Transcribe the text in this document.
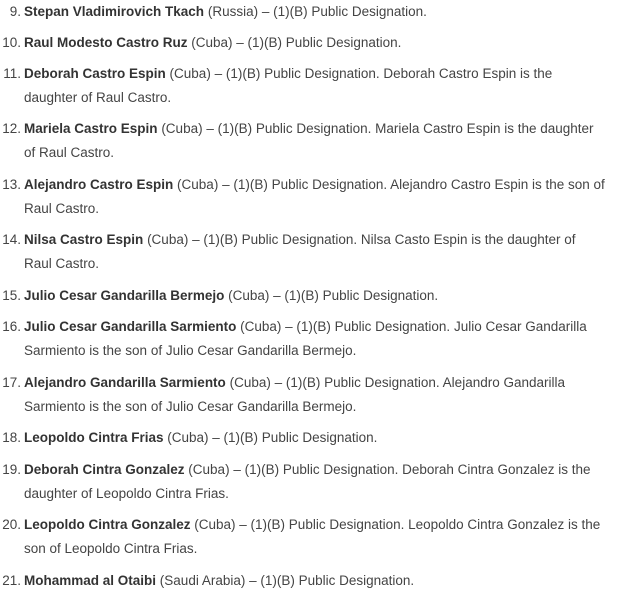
9. Stepan Vladimirovich Tkach (Russia) – (1)(B) Public Designation.
10. Raul Modesto Castro Ruz (Cuba) – (1)(B) Public Designation.
11. Deborah Castro Espin (Cuba) – (1)(B) Public Designation. Deborah Castro Espin is the daughter of Raul Castro.
12. Mariela Castro Espin (Cuba) – (1)(B) Public Designation. Mariela Castro Espin is the daughter of Raul Castro.
13. Alejandro Castro Espin (Cuba) – (1)(B) Public Designation. Alejandro Castro Espin is the son of Raul Castro.
14. Nilsa Castro Espin (Cuba) – (1)(B) Public Designation. Nilsa Casto Espin is the daughter of Raul Castro.
15. Julio Cesar Gandarilla Bermejo (Cuba) – (1)(B) Public Designation.
16. Julio Cesar Gandarilla Sarmiento (Cuba) – (1)(B) Public Designation. Julio Cesar Gandarilla Sarmiento is the son of Julio Cesar Gandarilla Bermejo.
17. Alejandro Gandarilla Sarmiento (Cuba) – (1)(B) Public Designation. Alejandro Gandarilla Sarmiento is the son of Julio Cesar Gandarilla Bermejo.
18. Leopoldo Cintra Frias (Cuba) – (1)(B) Public Designation.
19. Deborah Cintra Gonzalez (Cuba) – (1)(B) Public Designation. Deborah Cintra Gonzalez is the daughter of Leopoldo Cintra Frias.
20. Leopoldo Cintra Gonzalez (Cuba) – (1)(B) Public Designation. Leopoldo Cintra Gonzalez is the son of Leopoldo Cintra Frias.
21. Mohammad al Otaibi (Saudi Arabia) – (1)(B) Public Designation.
